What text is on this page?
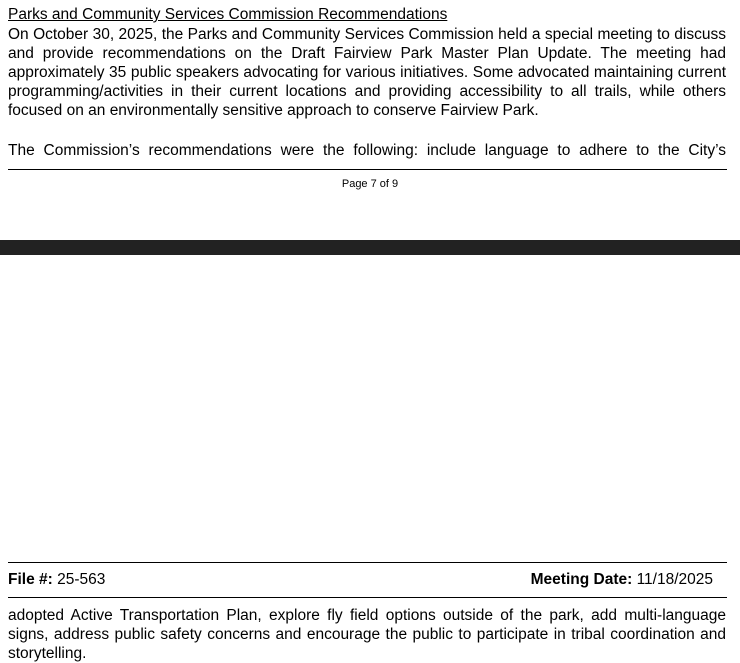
Parks and Community Services Commission Recommendations

On October 30, 2025, the Parks and Community Services Commission held a special meeting to discuss and provide recommendations on the Draft Fairview Park Master Plan Update. The meeting had approximately 35 public speakers advocating for various initiatives. Some advocated maintaining current programming/activities in their current locations and providing accessibility to all trails, while others focused on an environmentally sensitive approach to conserve Fairview Park.

The Commission’s recommendations were the following: include language to adhere to the City’s

Page 7 of 9
File #: 25-563	Meeting Date: 11/18/2025

adopted Active Transportation Plan, explore fly field options outside of the park, add multi-language signs, address public safety concerns and encourage the public to participate in tribal coordination and storytelling.
